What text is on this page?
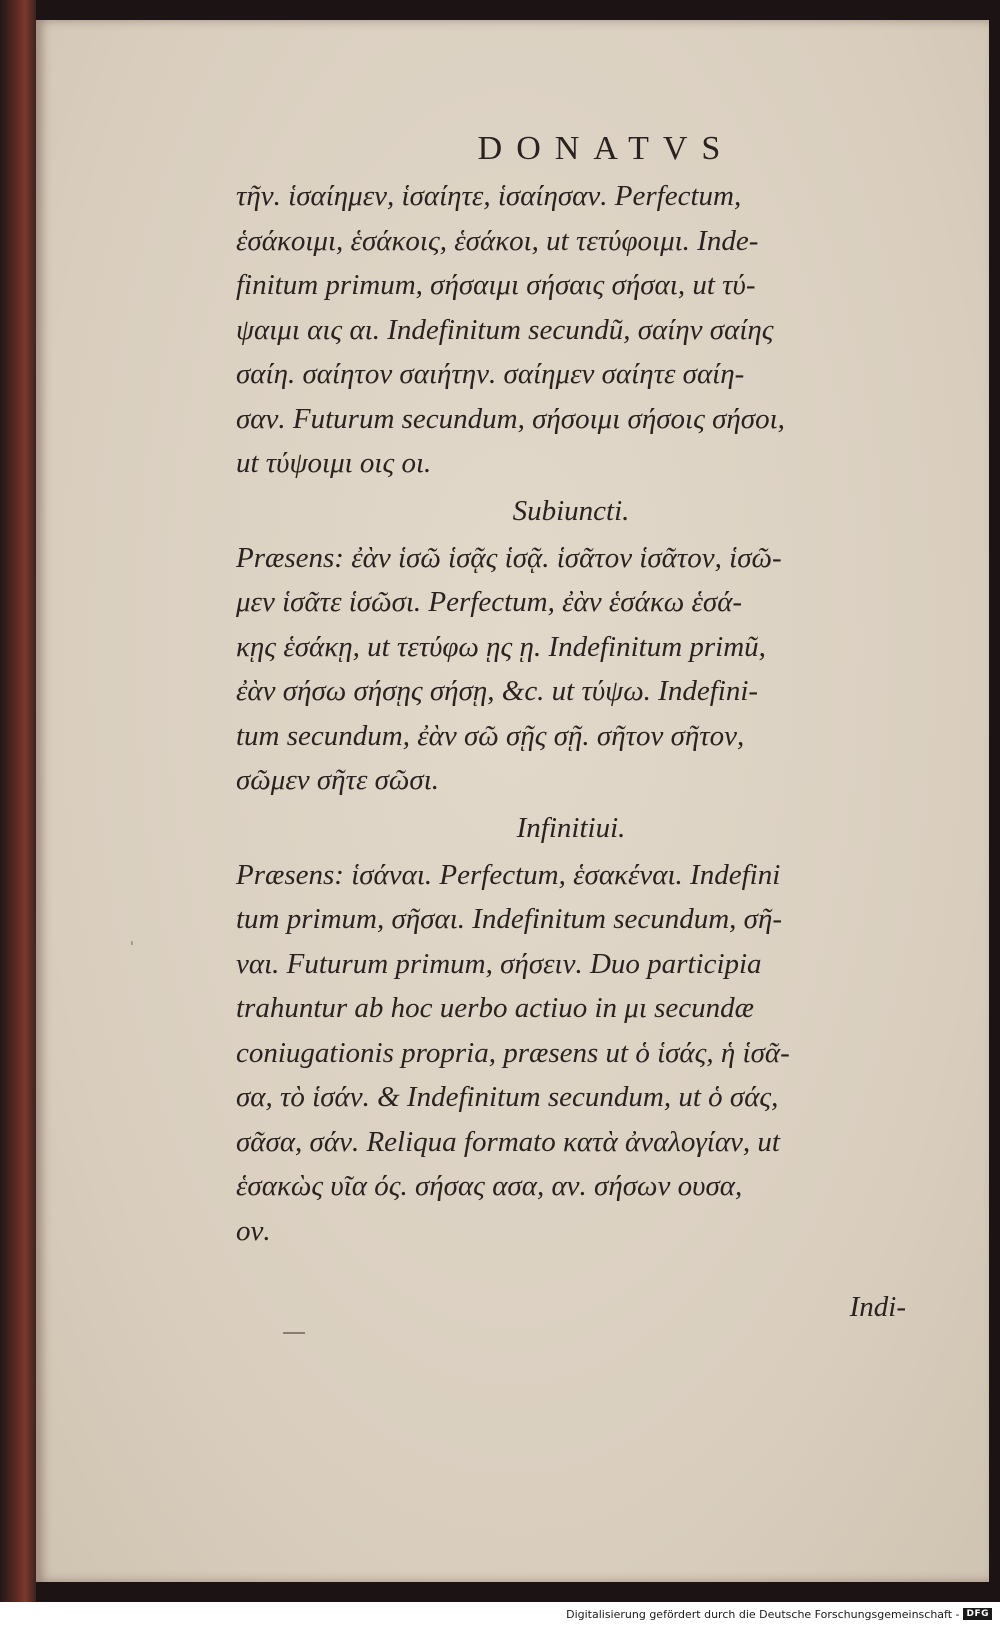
DONATVS

τῆν. ἱσαίημεν, ἱσαίητε, ἱσαίησαν. Perfectum,

ἑσάκοιμι, ἑσάκοις, ἑσάκοι, ut τετύφοιμι. Inde-

finitum primum, σήσαιμι σήσαις σήσαι, ut τύ-

ψαιμι αις αι. Indefinitum secundũ, σαίην σαίης

σαίη. σαίητον σαιήτην. σαίημεν σαίητε σαίη-

σαν. Futurum secundum, σήσοιμι σήσοις σήσοι,

ut τύψοιμι οις οι.

Subiuncti.

Præsens: ἐὰν ἱσῶ ἱσᾷς ἱσᾷ. ἱσᾶτον ἱσᾶτον, ἱσῶ-

μεν ἱσᾶτε ἱσῶσι. Perfectum, ἐὰν ἑσάκω ἑσά-

κῃς ἑσάκῃ, ut τετύφω ῃς ῃ. Indefinitum primũ,

ἐὰν σήσω σήσῃς σήσῃ, &c. ut τύψω. Indefini-

tum secundum, ἐὰν σῶ σῇς σῇ. σῆτον σῆτον,

σῶμεν σῆτε σῶσι.

Infinitiui.

Præsens: ἱσάναι. Perfectum, ἑσακέναι. Indefini

tum primum, σῆσαι. Indefinitum secundum, σῆ-

ναι. Futurum primum, σήσειν. Duo participia

trahuntur ab hoc uerbo actiuo in μι secundæ

coniugationis propria, præsens ut ὁ ἱσάς, ἡ ἱσᾶ-

σα, τὸ ἱσάν. & Indefinitum secundum, ut ὁ σάς,

σᾶσα, σάν. Reliqua formato κατὰ ἀναλογίαν, ut

ἑσακὼς υῖα ός. σήσας ασα, αν. σήσων ουσα,

ον.

Indi-
ˈ
Digitalisierung gefördert durch die Deutsche Forschungsgemeinschaft - DFG
